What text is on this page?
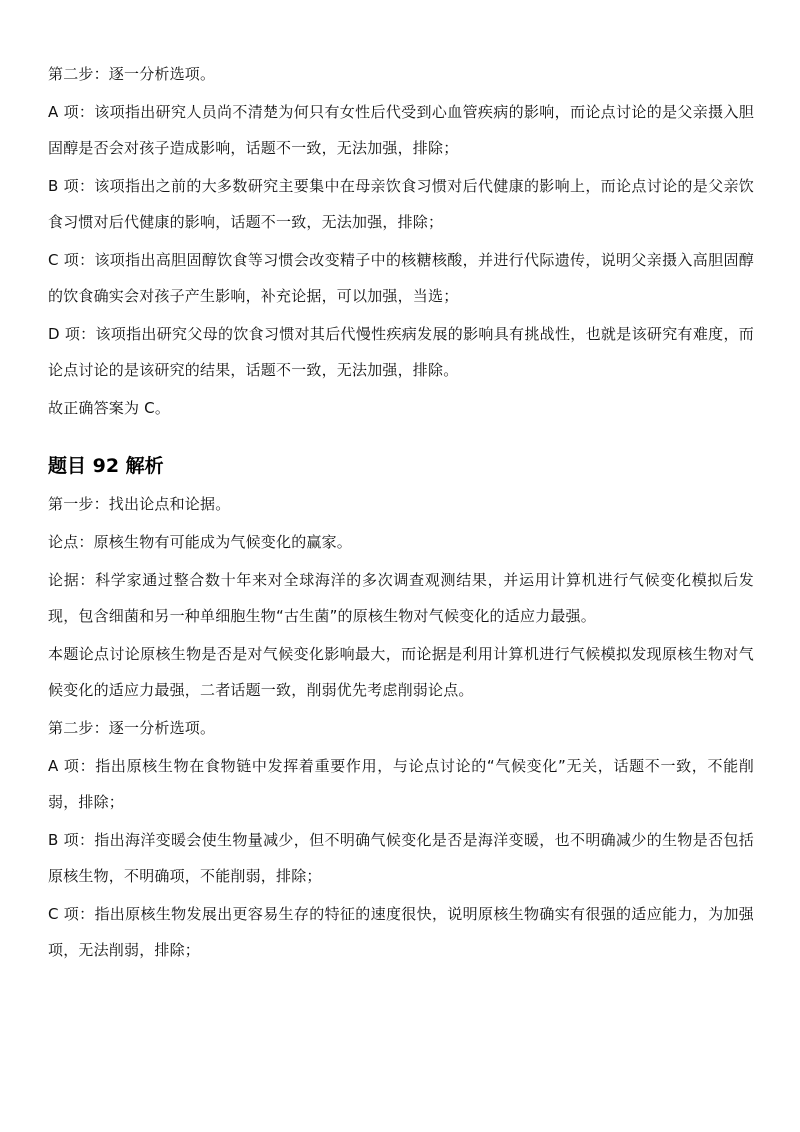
第二步：逐一分析选项。

A 项：该项指出研究人员尚不清楚为何只有女性后代受到心血管疾病的影响，而论点讨论的是父亲摄入胆固醇是否会对孩子造成影响，话题不一致，无法加强，排除；

B 项：该项指出之前的大多数研究主要集中在母亲饮食习惯对后代健康的影响上，而论点讨论的是父亲饮食习惯对后代健康的影响，话题不一致，无法加强，排除；

C 项：该项指出高胆固醇饮食等习惯会改变精子中的核糖核酸，并进行代际遗传，说明父亲摄入高胆固醇的饮食确实会对孩子产生影响，补充论据，可以加强，当选；

D 项：该项指出研究父母的饮食习惯对其后代慢性疾病发展的影响具有挑战性，也就是该研究有难度，而论点讨论的是该研究的结果，话题不一致，无法加强，排除。

故正确答案为 C。

题目 92 解析

第一步：找出论点和论据。

论点：原核生物有可能成为气候变化的赢家。

论据：科学家通过整合数十年来对全球海洋的多次调查观测结果，并运用计算机进行气候变化模拟后发现，包含细菌和另一种单细胞生物“古生菌”的原核生物对气候变化的适应力最强。

本题论点讨论原核生物是否是对气候变化影响最大，而论据是利用计算机进行气候模拟发现原核生物对气候变化的适应力最强，二者话题一致，削弱优先考虑削弱论点。

第二步：逐一分析选项。

A 项：指出原核生物在食物链中发挥着重要作用，与论点讨论的“气候变化”无关，话题不一致，不能削弱，排除；

B 项：指出海洋变暖会使生物量减少，但不明确气候变化是否是海洋变暖，也不明确减少的生物是否包括原核生物，不明确项，不能削弱，排除；

C 项：指出原核生物发展出更容易生存的特征的速度很快，说明原核生物确实有很强的适应能力，为加强项，无法削弱，排除；
